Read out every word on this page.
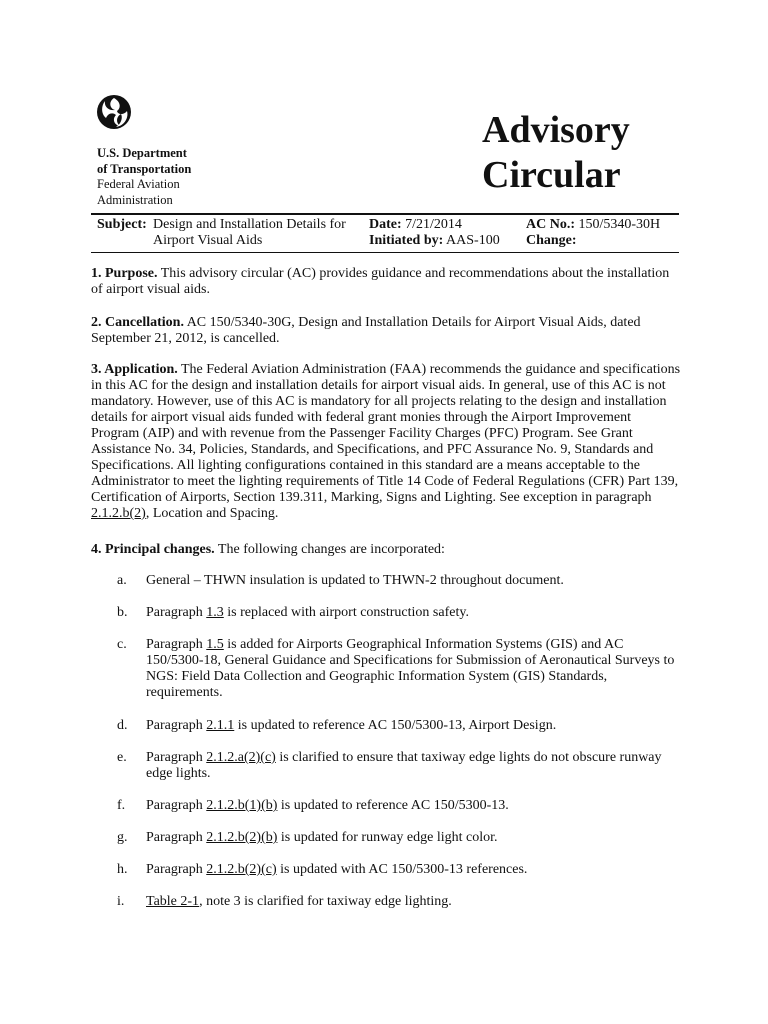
U.S. Department
of Transportation
Federal Aviation
Administration
Advisory
Circular
Subject: Design and Installation Details for
Airport Visual Aids
Date: 7/21/2014
Initiated by: AAS-100
AC No.: 150/5340-30H
Change:
1. Purpose. This advisory circular (AC) provides guidance and recommendations about the installation of airport visual aids.
2. Cancellation. AC 150/5340-30G, Design and Installation Details for Airport Visual Aids, dated September 21, 2012, is cancelled.
3. Application. The Federal Aviation Administration (FAA) recommends the guidance and specifications in this AC for the design and installation details for airport visual aids. In general, use of this AC is not mandatory. However, use of this AC is mandatory for all projects relating to the design and installation details for airport visual aids funded with federal grant monies through the Airport Improvement Program (AIP) and with revenue from the Passenger Facility Charges (PFC) Program. See Grant Assistance No. 34, Policies, Standards, and Specifications, and PFC Assurance No. 9, Standards and Specifications. All lighting configurations contained in this standard are a means acceptable to the Administrator to meet the lighting requirements of Title 14 Code of Federal Regulations (CFR) Part 139, Certification of Airports, Section 139.311, Marking, Signs and Lighting. See exception in paragraph 2.1.2.b(2), Location and Spacing.
4. Principal changes. The following changes are incorporated:
a.	General – THWN insulation is updated to THWN-2 throughout document.
b.	Paragraph 1.3 is replaced with airport construction safety.
c.	Paragraph 1.5 is added for Airports Geographical Information Systems (GIS) and AC 150/5300-18, General Guidance and Specifications for Submission of Aeronautical Surveys to NGS: Field Data Collection and Geographic Information System (GIS) Standards, requirements.
d.	Paragraph 2.1.1 is updated to reference AC 150/5300-13, Airport Design.
e.	Paragraph 2.1.2.a(2)(c) is clarified to ensure that taxiway edge lights do not obscure runway edge lights.
f.	Paragraph 2.1.2.b(1)(b) is updated to reference AC 150/5300-13.
g.	Paragraph 2.1.2.b(2)(b) is updated for runway edge light color.
h.	Paragraph 2.1.2.b(2)(c) is updated with AC 150/5300-13 references.
i.	Table 2-1, note 3 is clarified for taxiway edge lighting.
